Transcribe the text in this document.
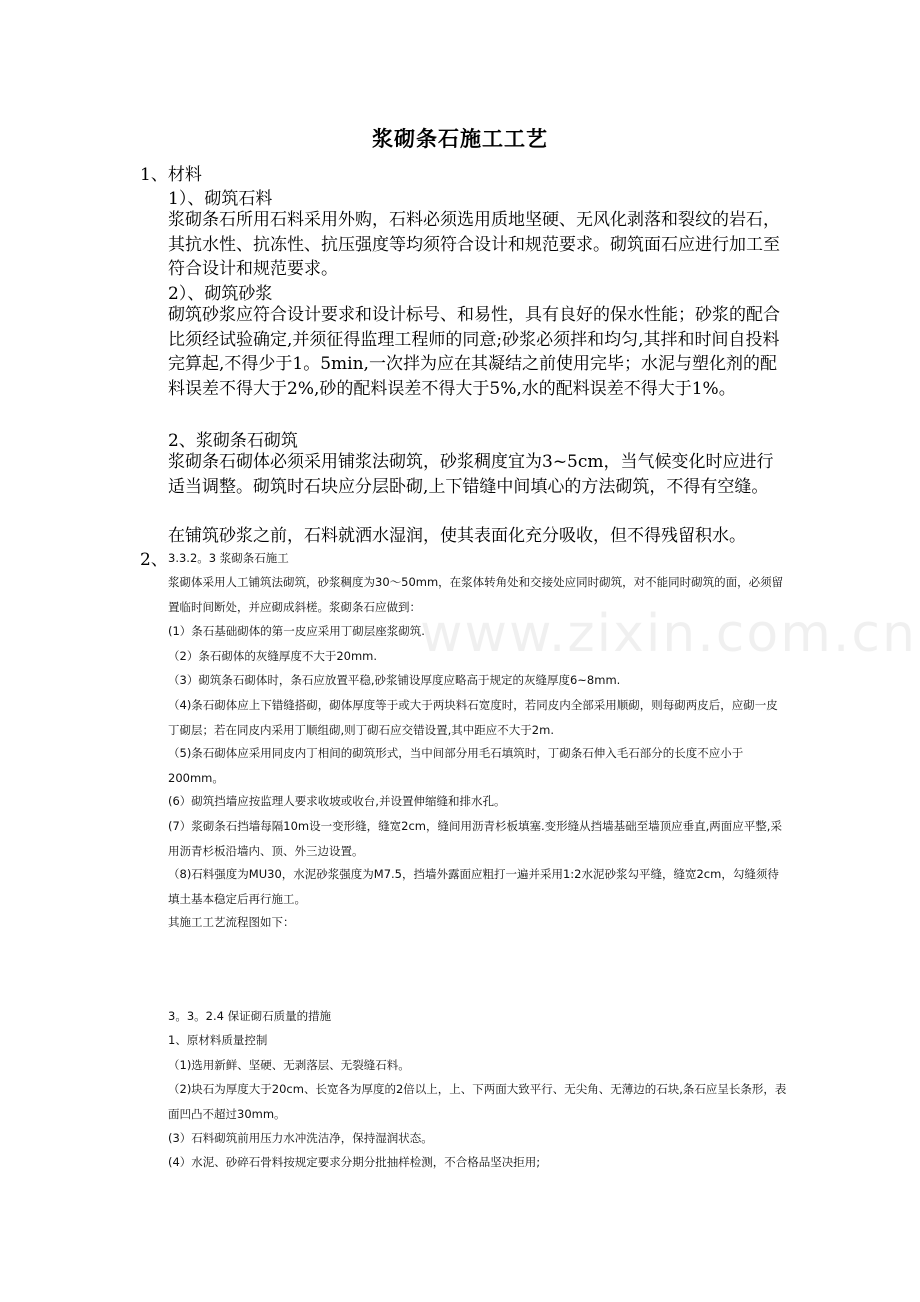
浆砌条石施工工艺
1、材料
1）、砌筑石料
浆砌条石所用石料采用外购，石料必须选用质地坚硬、无风化剥落和裂纹的岩石，其抗水性、抗冻性、抗压强度等均须符合设计和规范要求。砌筑面石应进行加工至符合设计和规范要求。
2）、砌筑砂浆
砌筑砂浆应符合设计要求和设计标号、和易性，具有良好的保水性能；砂浆的配合比须经试验确定,并须征得监理工程师的同意;砂浆必须拌和均匀,其拌和时间自投料完算起,不得少于1。5min,一次拌为应在其凝结之前使用完毕；水泥与塑化剂的配料误差不得大于2%,砂的配料误差不得大于5%,水的配料误差不得大于1%。
2、浆砌条石砌筑
浆砌条石砌体必须采用铺浆法砌筑，砂浆稠度宜为3~5cm，当气候变化时应进行适当调整。砌筑时石块应分层卧砌,上下错缝中间填心的方法砌筑，不得有空缝。
在铺筑砂浆之前，石料就洒水湿润，使其表面化充分吸收，但不得残留积水。
2、 3.3.2。3 浆砌条石施工
浆砌体采用人工铺筑法砌筑，砂浆稠度为30～50mm，在浆体转角处和交接处应同时砌筑，对不能同时砌筑的面，必须留置临时间断处，并应砌成斜槎。浆砌条石应做到：
(1）条石基础砌体的第一皮应采用丁砌层座浆砌筑.
（2）条石砌体的灰缝厚度不大于20mm.
（3）砌筑条石砌体时，条石应放置平稳,砂浆铺设厚度应略高于规定的灰缝厚度6~8mm.
（4)条石砌体应上下错缝搭砌，砌体厚度等于或大于两块料石宽度时，若同皮内全部采用顺砌，则每砌两皮后，应砌一皮丁砌层；若在同皮内采用丁顺组砌,则丁砌石应交错设置,其中距应不大于2m.
（5)条石砌体应采用同皮内丁相间的砌筑形式，当中间部分用毛石填筑时，丁砌条石伸入毛石部分的长度不应小于200mm。
(6）砌筑挡墙应按监理人要求收坡或收台,并设置伸缩缝和排水孔。
(7）浆砌条石挡墙每隔10m设一变形缝，缝宽2cm，缝间用沥青杉板填塞.变形缝从挡墙基础至墙顶应垂直,两面应平整,采用沥青杉板沿墙内、顶、外三边设置。
（8)石料强度为MU30，水泥砂浆强度为M7.5，挡墙外露面应粗打一遍并采用1:2水泥砂浆勾平缝，缝宽2cm，勾缝须待填土基本稳定后再行施工。
其施工工艺流程图如下：
3。3。2.4 保证砌石质量的措施
1、原材料质量控制
（1)选用新鲜、坚硬、无剥落层、无裂缝石料。
（2)块石为厚度大于20cm、长宽各为厚度的2倍以上，上、下两面大致平行、无尖角、无薄边的石块,条石应呈长条形，表面凹凸不超过30mm。
(3）石料砌筑前用压力水冲洗洁净，保持湿润状态。
(4）水泥、砂碎石骨料按规定要求分期分批抽样检测，不合格品坚决拒用;
www.zixin.com.cn
